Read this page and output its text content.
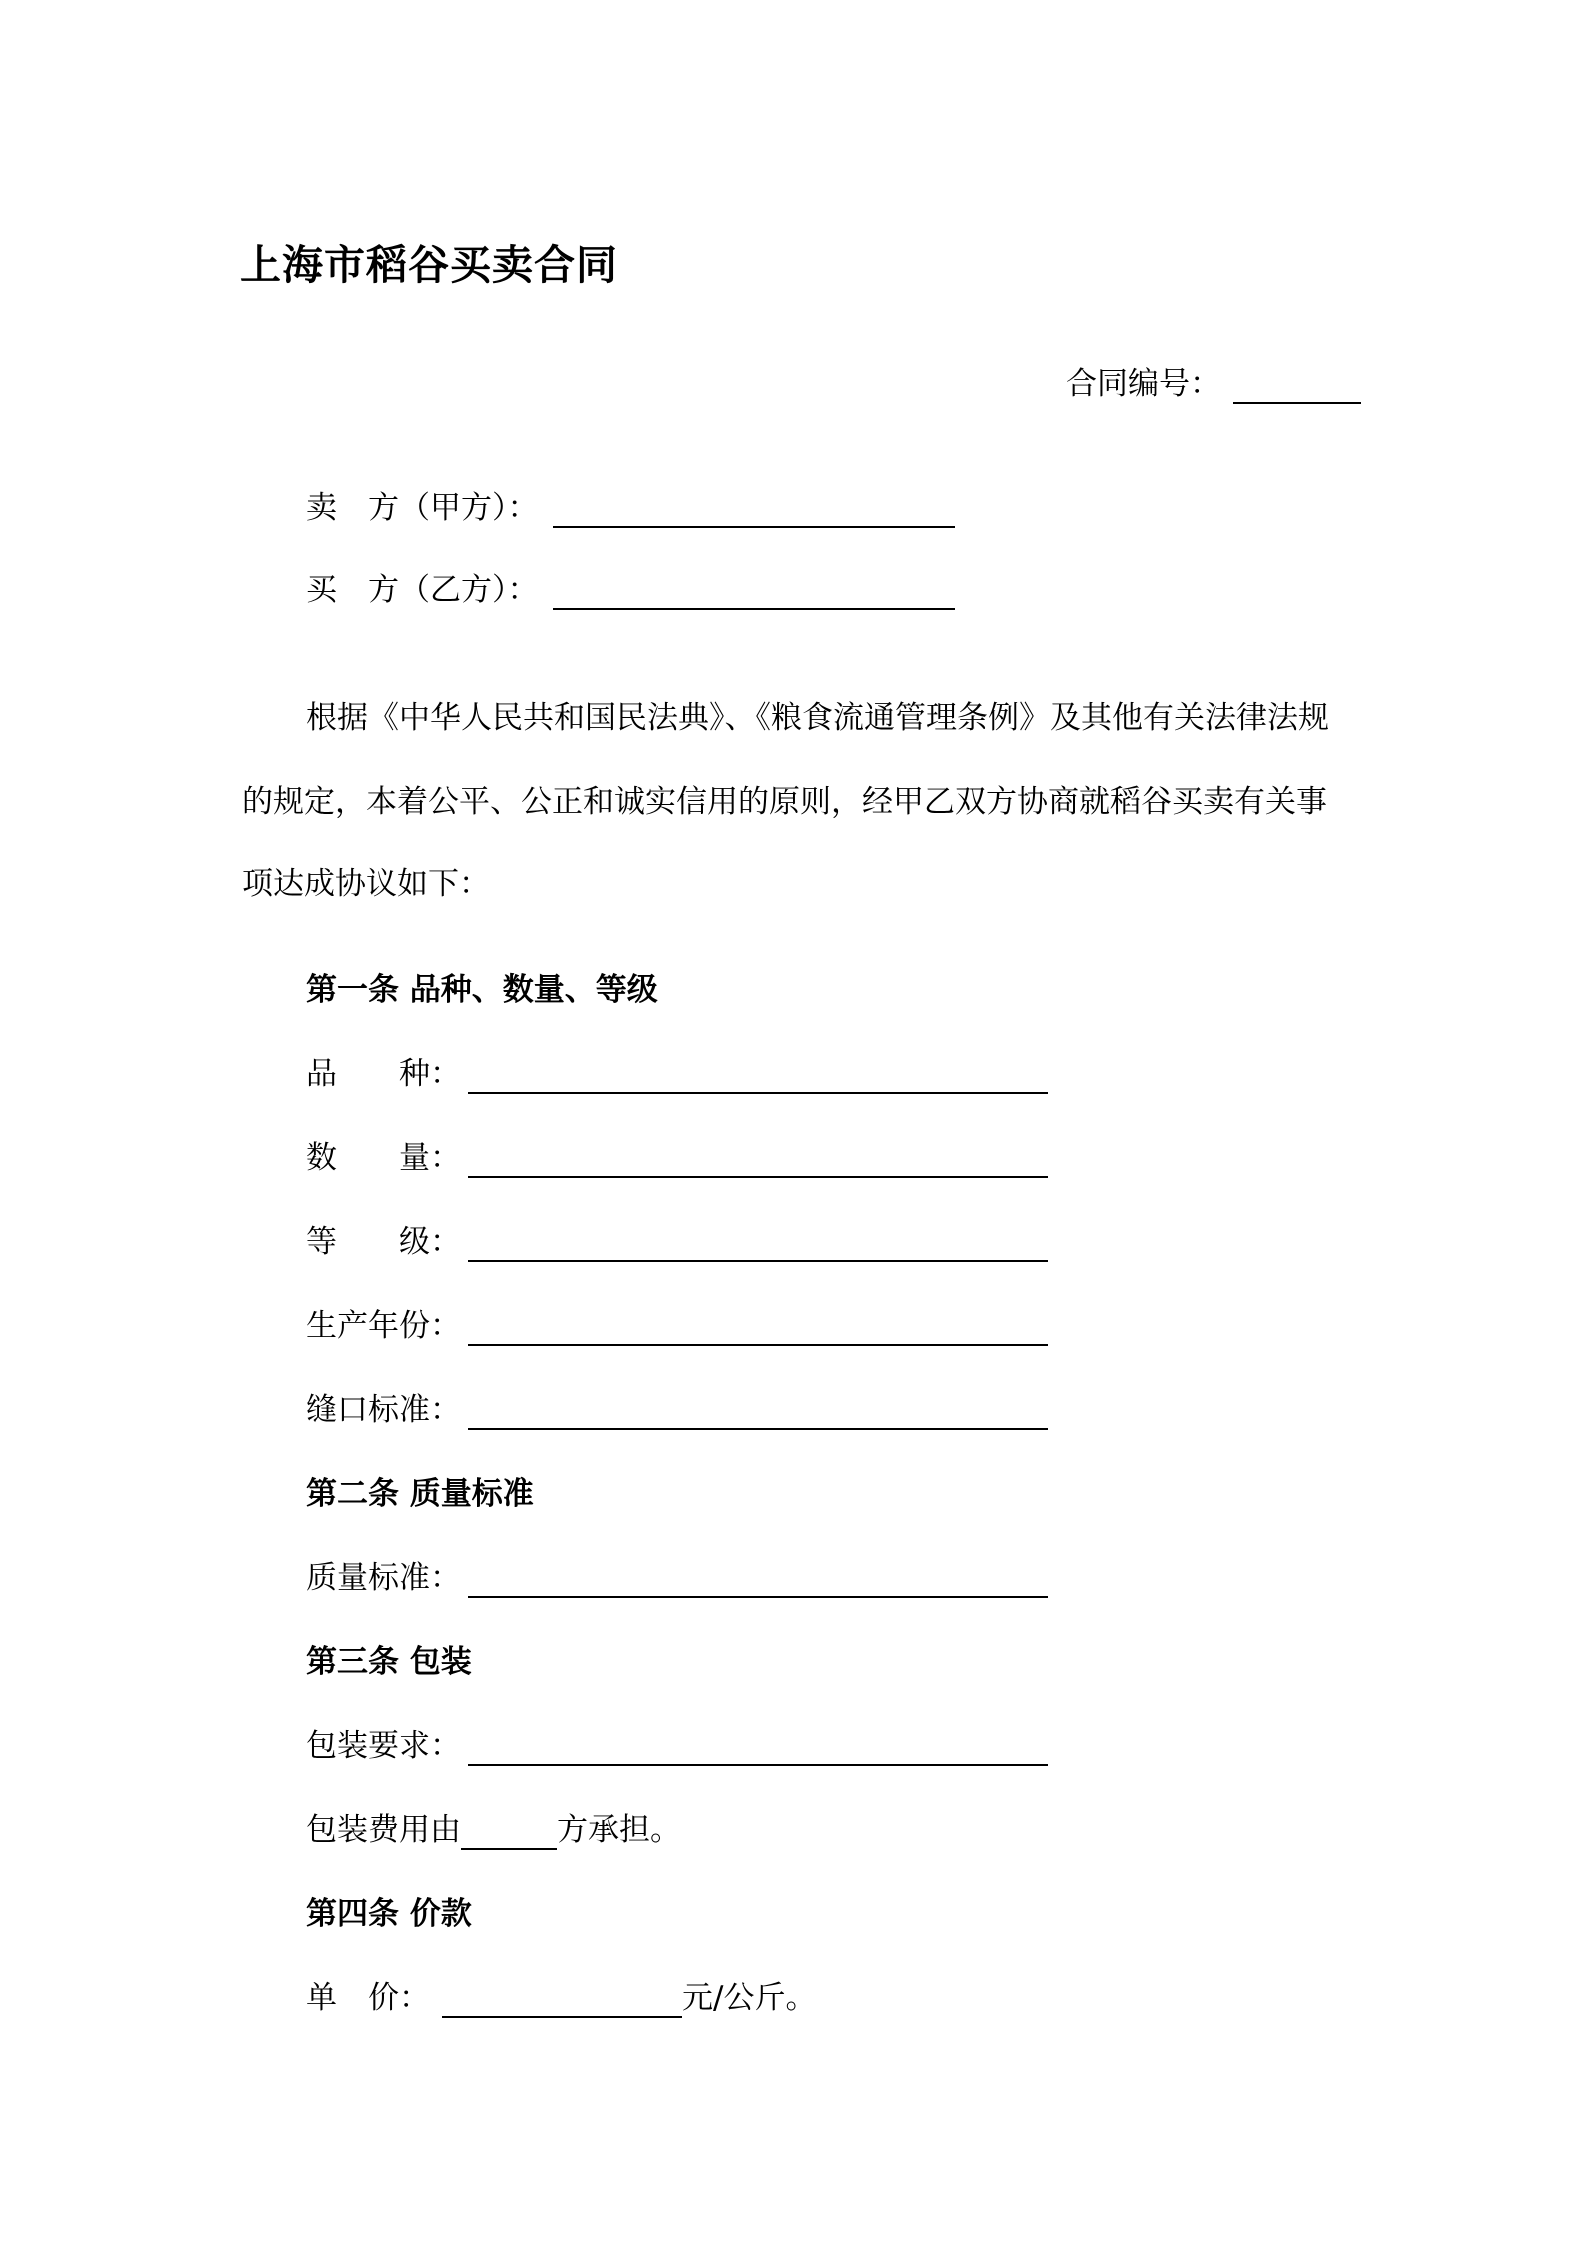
上海市稻谷买卖合同
合同编号：
卖　方（甲方）：
买　方（乙方）：
根据《中华人民共和国民法典》、《粮食流通管理条例》及其他有关法律法规
的规定，本着公平、公正和诚实信用的原则，经甲乙双方协商就稻谷买卖有关事
项达成协议如下：
第一条 品种、数量、等级
品　　种：
数　　量：
等　　级：
生产年份：
缝口标准：
第二条 质量标准
质量标准：
第三条 包装
包装要求：
包装费用由	方承担。
第四条 价款
单　价：	元/公斤。
